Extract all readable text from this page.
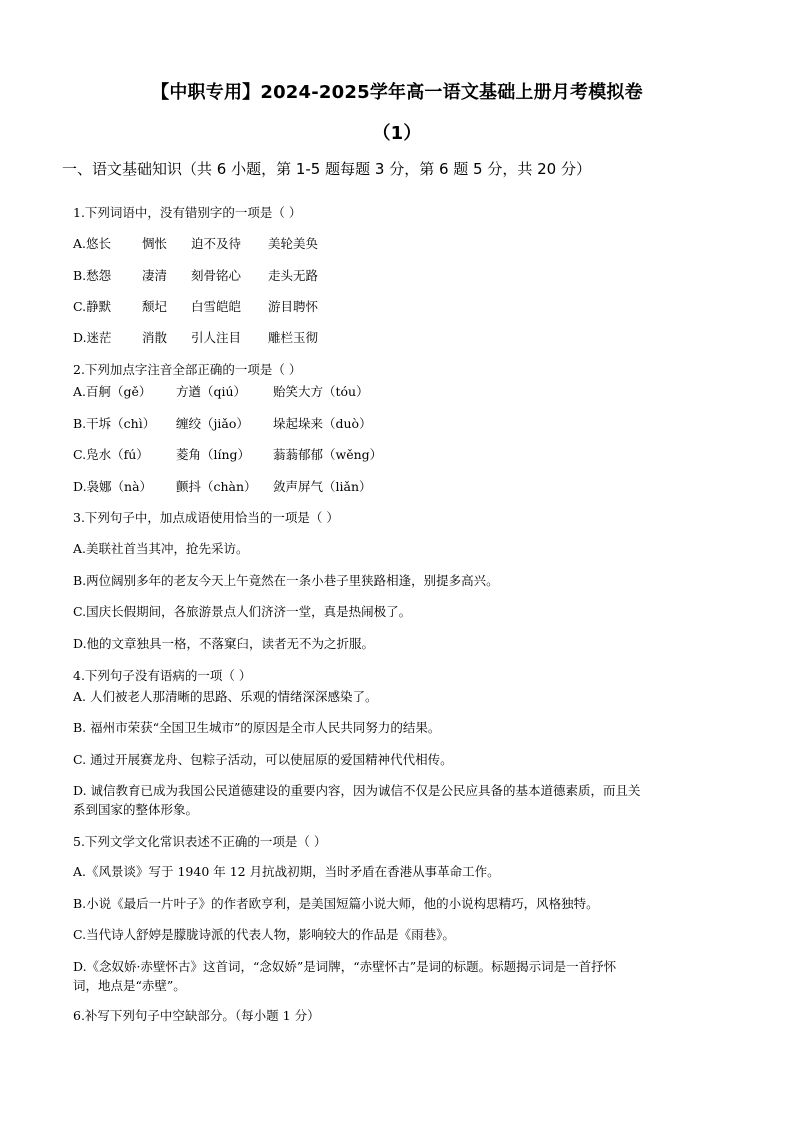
【中职专用】2024-2025学年高一语文基础上册月考模拟卷
（1）
一、语文基础知识（共 6 小题，第 1-5 题每题 3 分，第 6 题 5 分，共 20 分）
1.下列词语中，没有错别字的一项是（ ）
A.悠长 惆怅 迫不及待 美轮美奂
B.愁怨 凄清 刻骨铭心 走头无路
C.静默 颓圮 白雪皑皑 游目聘怀
D.迷茫 消散 引人注目 雕栏玉彻
2.下列加点字注音全部正确的一项是（ ）
A.百舸（gě） 方遒（qiú） 贻笑大方（tóu）
B.干坼（chì） 缠绞（jiǎo） 垛起垛来（duò）
C.凫水（fú） 菱角（líng） 蓊蓊郁郁（wěng）
D.袅娜（nà） 颤抖（chàn） 敛声屏气（liǎn）
3.下列句子中，加点成语使用恰当的一项是（ ）
A.美联社首当其冲，抢先采访。
B.两位阔别多年的老友今天上午竟然在一条小巷子里狭路相逢，别提多高兴。
C.国庆长假期间，各旅游景点人们济济一堂，真是热闹极了。
D.他的文章独具一格，不落窠臼，读者无不为之折服。
4.下列句子没有语病的一项（ ）
A. 人们被老人那清晰的思路、乐观的情绪深深感染了。
B. 福州市荣获“全国卫生城市”的原因是全市人民共同努力的结果。
C. 通过开展赛龙舟、包粽子活动，可以使屈原的爱国精神代代相传。
D. 诚信教育已成为我国公民道德建设的重要内容，因为诚信不仅是公民应具备的基本道德素质，而且关
系到国家的整体形象。
5.下列文学文化常识表述不正确的一项是（ ）
A.《风景谈》写于 1940 年 12 月抗战初期，当时矛盾在香港从事革命工作。
B.小说《最后一片叶子》的作者欧亨利，是美国短篇小说大师，他的小说构思精巧，风格独特。
C.当代诗人舒婷是朦胧诗派的代表人物，影响较大的作品是《雨巷》。
D.《念奴娇·赤壁怀古》这首词，“念奴娇”是词牌，“赤壁怀古”是词的标题。标题揭示词是一首抒怀
词，地点是“赤壁”。
6.补写下列句子中空缺部分。（每小题 1 分）
